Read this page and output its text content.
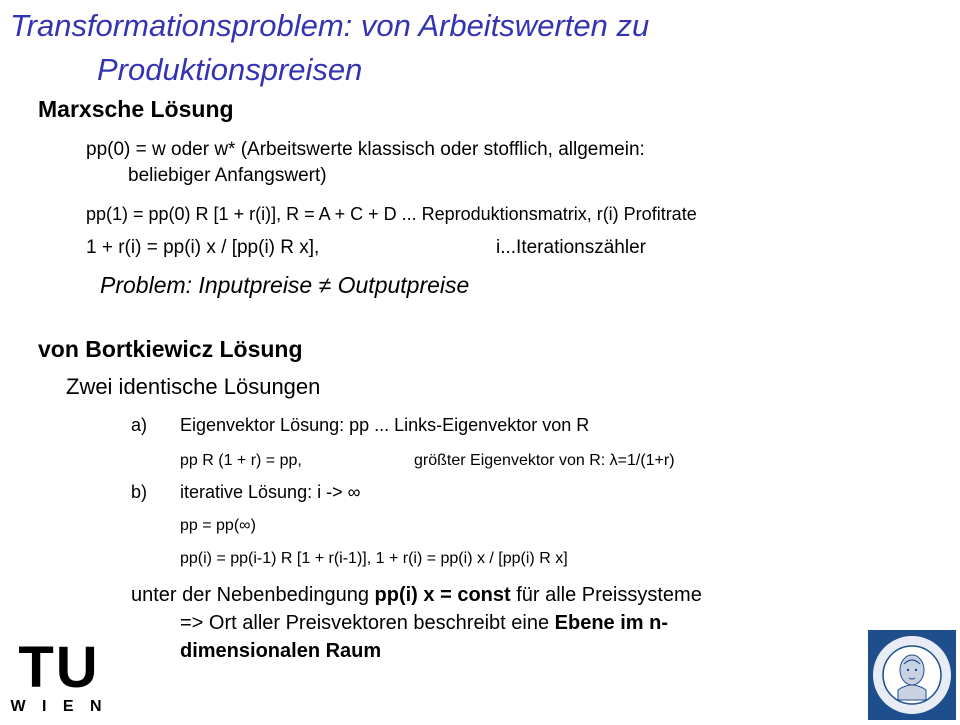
Transformationsproblem: von Arbeitswerten zu
Produktionspreisen
Marxsche Lösung
pp(0) = w oder w* (Arbeitswerte klassisch oder stofflich, allgemein:
beliebiger Anfangswert)
pp(1) = pp(0) R [1 + r(i)], R = A + C + D ... Reproduktionsmatrix, r(i) Profitrate
1 + r(i) = pp(i) x / [pp(i) R x],	i...Iterationszähler
Problem: Inputpreise ≠ Outputpreise
von Bortkiewicz Lösung
Zwei identische Lösungen
a) Eigenvektor Lösung: pp ... Links-Eigenvektor von R
pp R (1 + r) = pp,	größter Eigenvektor von R: λ=1/(1+r)
b) iterative Lösung: i -> ∞
pp = pp(∞)
pp(i) = pp(i-1) R [1 + r(i-1)], 1 + r(i) = pp(i) x / [pp(i) R x]
unter der Nebenbedingung pp(i) x = const für alle Preissysteme
=> Ort aller Preisvektoren beschreibt eine Ebene im n-
dimensionalen Raum
TU
W I E N
